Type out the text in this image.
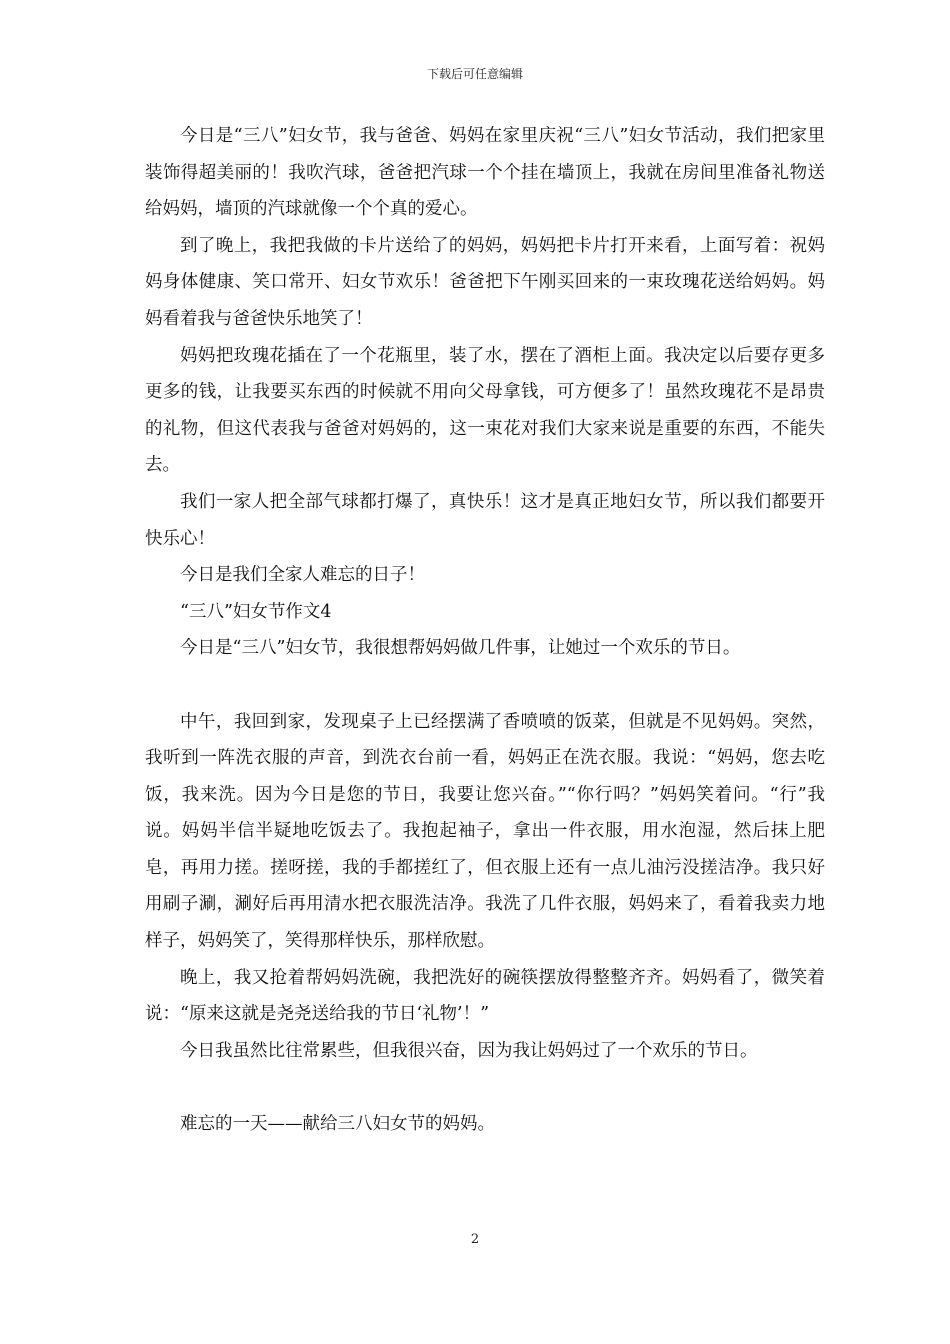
下载后可任意编辑

今日是“三八”妇女节，我与爸爸、妈妈在家里庆祝“三八”妇女节活动，我们把家里装饰得超美丽的！我吹汽球，爸爸把汽球一个个挂在墙顶上，我就在房间里准备礼物送给妈妈，墙顶的汽球就像一个个真的爱心。

到了晚上，我把我做的卡片送给了的妈妈，妈妈把卡片打开来看，上面写着：祝妈妈身体健康、笑口常开、妇女节欢乐！爸爸把下午刚买回来的一束玫瑰花送给妈妈。妈妈看着我与爸爸快乐地笑了！

妈妈把玫瑰花插在了一个花瓶里，装了水，摆在了酒柜上面。我决定以后要存更多更多的钱，让我要买东西的时候就不用向父母拿钱，可方便多了！虽然玫瑰花不是昂贵的礼物，但这代表我与爸爸对妈妈的，这一束花对我们大家来说是重要的东西，不能失去。

我们一家人把全部气球都打爆了，真快乐！这才是真正地妇女节，所以我们都要开快乐心！

今日是我们全家人难忘的日子！

“三八”妇女节作文4

今日是“三八”妇女节，我很想帮妈妈做几件事，让她过一个欢乐的节日。

中午，我回到家，发现桌子上已经摆满了香喷喷的饭菜，但就是不见妈妈。突然，我听到一阵洗衣服的声音，到洗衣台前一看，妈妈正在洗衣服。我说：“妈妈，您去吃饭，我来洗。因为今日是您的节日，我要让您兴奋。”“你行吗？”妈妈笑着问。“行”我说。妈妈半信半疑地吃饭去了。我抱起袖子，拿出一件衣服，用水泡湿，然后抹上肥皂，再用力搓。搓呀搓，我的手都搓红了，但衣服上还有一点儿油污没搓洁净。我只好用刷子涮，涮好后再用清水把衣服洗洁净。我洗了几件衣服，妈妈来了，看着我卖力地样子，妈妈笑了，笑得那样快乐，那样欣慰。

晚上，我又抢着帮妈妈洗碗，我把洗好的碗筷摆放得整整齐齐。妈妈看了，微笑着说：“原来这就是尧尧送给我的节日‘礼物’！”

今日我虽然比往常累些，但我很兴奋，因为我让妈妈过了一个欢乐的节日。

难忘的一天——献给三八妇女节的妈妈。

2
